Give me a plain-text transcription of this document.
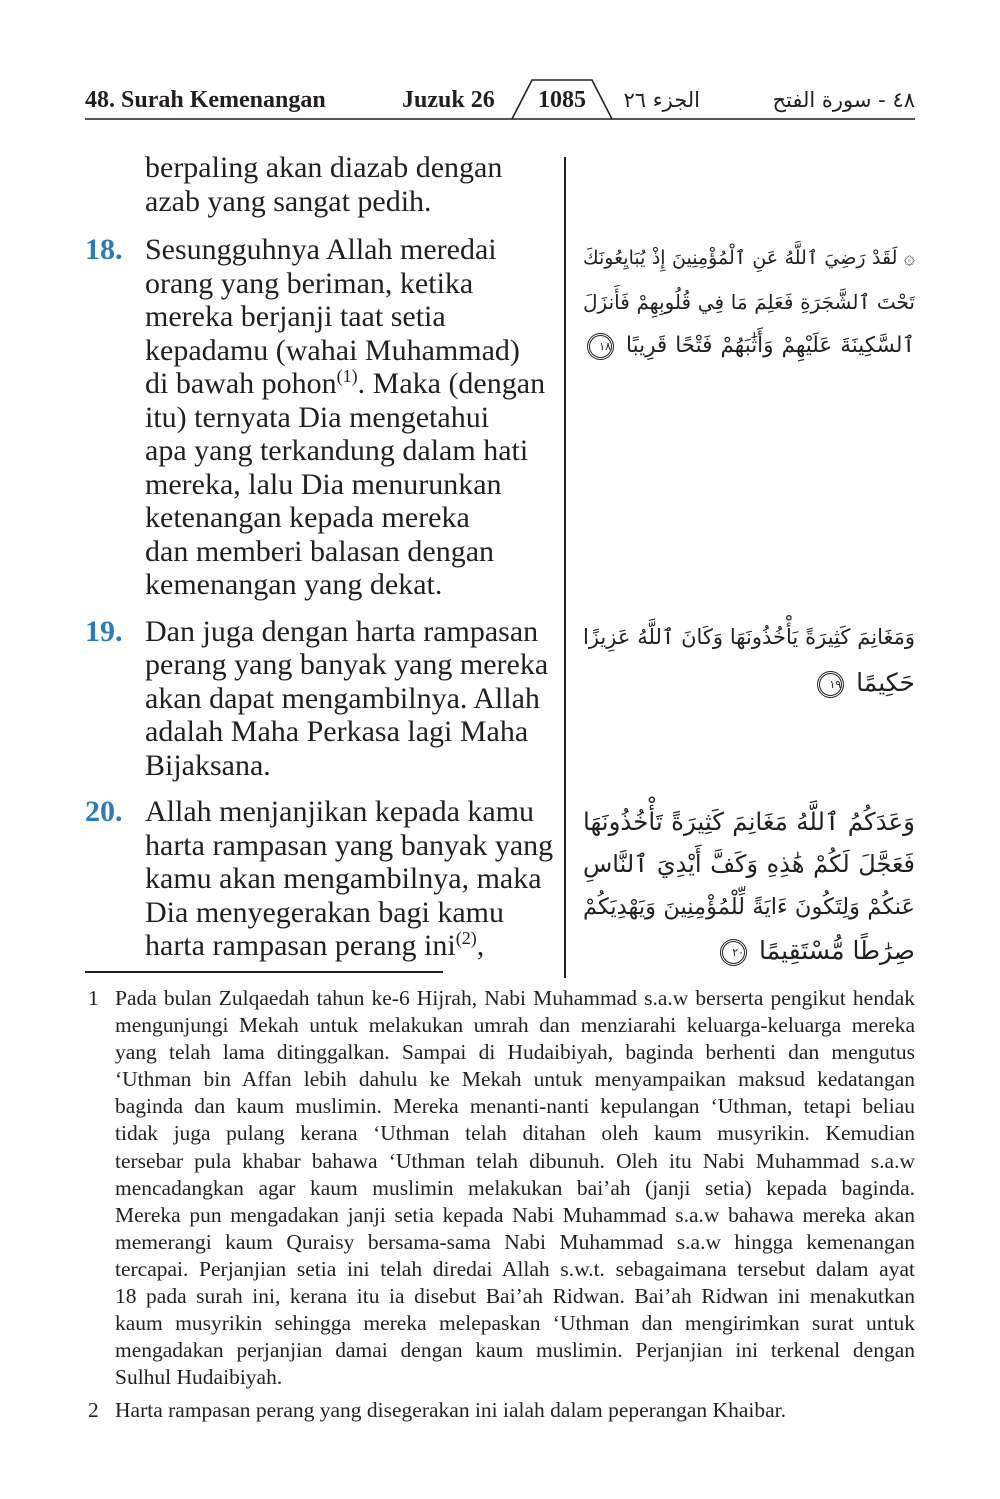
48. Surah Kemenangan	Juzuk 26	1085	الجزء ٢٦	٤٨ - سورة الفتح
berpaling akan diazab dengan
azab yang sangat pedih.
18. Sesungguhnya Allah meredai
orang yang beriman, ketika
mereka berjanji taat setia
kepadamu (wahai Muhammad)
di bawah pohon$^{(1)}$. Maka (dengan
itu) ternyata Dia mengetahui
apa yang terkandung dalam hati
mereka, lalu Dia menurunkan
ketenangan kepada mereka
dan memberi balasan dengan
kemenangan yang dekat.
19. Dan juga dengan harta rampasan
perang yang banyak yang mereka
akan dapat mengambilnya. Allah
adalah Maha Perkasa lagi Maha
Bijaksana.
20. Allah menjanjikan kepada kamu
harta rampasan yang banyak yang
kamu akan mengambilnya, maka
Dia menyegerakan bagi kamu
harta rampasan perang ini$^{(2)}$,
۞ لَقَدْ رَضِيَ ٱللَّهُ عَنِ ٱلْمُؤْمِنِينَ إِذْ يُبَايِعُونَكَ
تَحْتَ ٱلشَّجَرَةِ فَعَلِمَ مَا فِي قُلُوبِهِمْ فَأَنزَلَ
ٱلسَّكِينَةَ عَلَيْهِمْ وَأَثَٰبَهُمْ فَتْحًا قَرِيبًا ١٨
وَمَغَانِمَ كَثِيرَةً يَأْخُذُونَهَا وَكَانَ ٱللَّهُ عَزِيزًا
حَكِيمًا ١٩
وَعَدَكُمُ ٱللَّهُ مَغَانِمَ كَثِيرَةً تَأْخُذُونَهَا
فَعَجَّلَ لَكُمْ هَٰذِهِ وَكَفَّ أَيْدِيَ ٱلنَّاسِ
عَنكُمْ وَلِتَكُونَ ءَايَةً لِّلْمُؤْمِنِينَ وَيَهْدِيَكُمْ
صِرَٰطًا مُّسْتَقِيمًا ٢٠
1 Pada bulan Zulqaedah tahun ke-6 Hijrah, Nabi Muhammad s.a.w berserta pengikut hendak
mengunjungi Mekah untuk melakukan umrah dan menziarahi keluarga-keluarga mereka
yang telah lama ditinggalkan. Sampai di Hudaibiyah, baginda berhenti dan mengutus
‘Uthman bin Affan lebih dahulu ke Mekah untuk menyampaikan maksud kedatangan
baginda dan kaum muslimin. Mereka menanti-nanti kepulangan ‘Uthman, tetapi beliau
tidak juga pulang kerana ‘Uthman telah ditahan oleh kaum musyrikin. Kemudian
tersebar pula khabar bahawa ‘Uthman telah dibunuh. Oleh itu Nabi Muhammad s.a.w
mencadangkan agar kaum muslimin melakukan bai’ah (janji setia) kepada baginda.
Mereka pun mengadakan janji setia kepada Nabi Muhammad s.a.w bahawa mereka akan
memerangi kaum Quraisy bersama-sama Nabi Muhammad s.a.w hingga kemenangan
tercapai. Perjanjian setia ini telah diredai Allah s.w.t. sebagaimana tersebut dalam ayat
18 pada surah ini, kerana itu ia disebut Bai’ah Ridwan. Bai’ah Ridwan ini menakutkan
kaum musyrikin sehingga mereka melepaskan ‘Uthman dan mengirimkan surat untuk
mengadakan perjanjian damai dengan kaum muslimin. Perjanjian ini terkenal dengan
Sulhul Hudaibiyah.
2 Harta rampasan perang yang disegerakan ini ialah dalam peperangan Khaibar.
